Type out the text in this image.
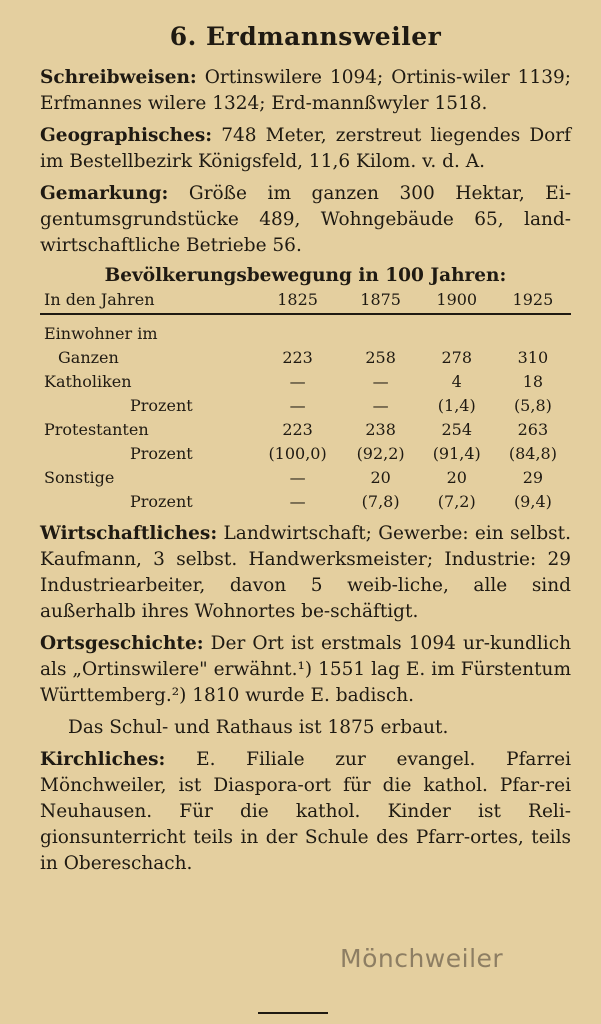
6. Erdmannsweiler

Schreibweisen: Ortinswilere 1094; Ortinis-wiler 1139; Erfmannes wilere 1324; Erd-mannßwyler 1518.

Geographisches: 748 Meter, zerstreut liegendes Dorf im Bestellbezirk Königsfeld, 11,6 Kilom. v. d. A.

Gemarkung: Größe im ganzen 300 Hektar, Ei-gentumsgrundstücke 489, Wohngebäude 65, land-wirtschaftliche Betriebe 56.

Bevölkerungsbewegung in 100 Jahren:
In den Jahren	1825	1875	1900	1925
Einwohner im				
Ganzen	223	258	278	310
Katholiken	—	—	4	18
Prozent	—	—	(1,4)	(5,8)
Protestanten	223	238	254	263
Prozent	(100,0)	(92,2)	(91,4)	(84,8)
Sonstige	—	20	20	29
Prozent	—	(7,8)	(7,2)	(9,4)

Wirtschaftliches: Landwirtschaft; Gewerbe: ein selbst. Kaufmann, 3 selbst. Handwerksmeister; Industrie: 29 Industriearbeiter, davon 5 weib-liche, alle sind außerhalb ihres Wohnortes be-schäftigt.

Ortsgeschichte: Der Ort ist erstmals 1094 ur-kundlich als „Ortinswilere" erwähnt.¹) 1551 lag E. im Fürstentum Württemberg.²) 1810 wurde E. badisch.

Das Schul- und Rathaus ist 1875 erbaut.

Kirchliches: E. Filiale zur evangel. Pfarrei Mönchweiler, ist Diaspora-ort für die kathol. Pfar-rei Neuhausen. Für die kathol. Kinder ist Reli-gionsunterricht teils in der Schule des Pfarr-ortes, teils in Obereschach.

Mönchweiler
